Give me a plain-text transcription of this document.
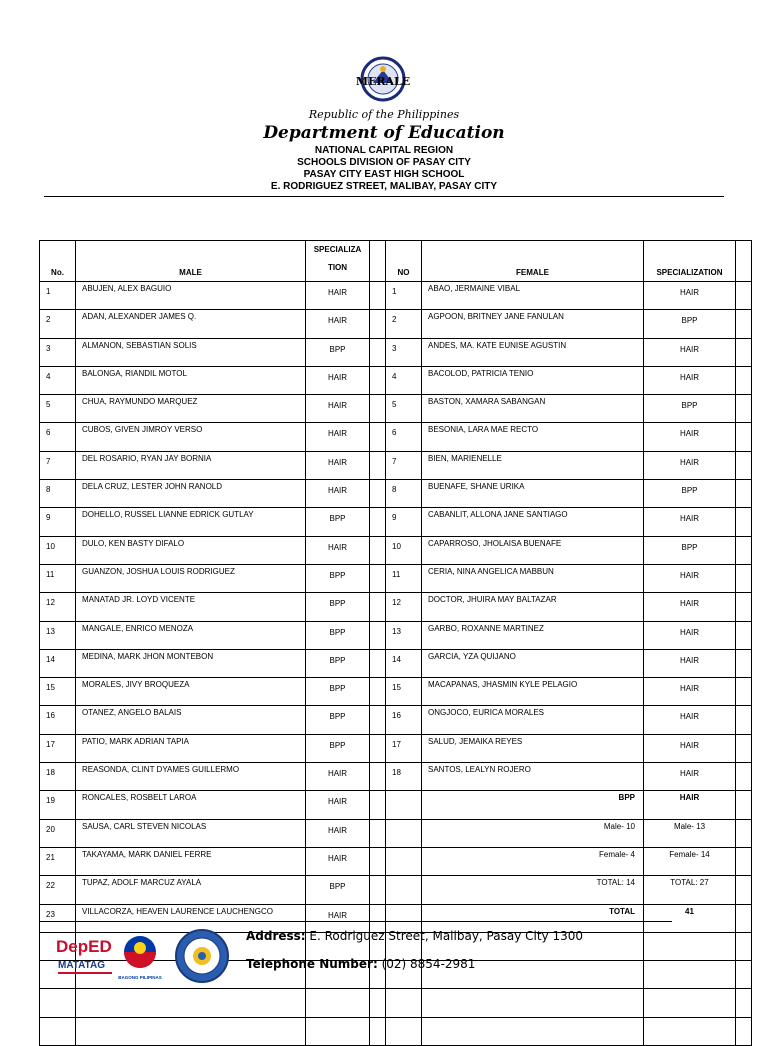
MERALE
Republic of the Philippines
Department of Education
NATIONAL CAPITAL REGION
SCHOOLS DIVISION OF PASAY CITY
PASAY CITY EAST HIGH SCHOOL
E. RODRIGUEZ STREET, MALIBAY, PASAY CITY
No.	MALE	SPECIALIZA TION		NO	FEMALE	SPECIALIZATION	
1	ABUJEN, ALEX BAGUIO	HAIR		1	ABAO, JERMAINE VIBAL	HAIR	
2	ADAN, ALEXANDER JAMES Q.	HAIR		2	AGPOON, BRITNEY JANE FANULAN	BPP	
3	ALMANON, SEBASTIAN SOLIS	BPP		3	ANDES, MA. KATE EUNISE AGUSTIN	HAIR	
4	BALONGA, RIANDIL MOTOL	HAIR		4	BACOLOD, PATRICIA TENIO	HAIR	
5	CHUA, RAYMUNDO MARQUEZ	HAIR		5	BASTON, XAMARA SABANGAN	BPP	
6	CUBOS, GIVEN JIMROY VERSO	HAIR		6	BESONIA, LARA MAE RECTO	HAIR	
7	DEL ROSARIO, RYAN JAY BORNIA	HAIR		7	BIEN, MARIENELLE	HAIR	
8	DELA CRUZ, LESTER JOHN RANOLD	HAIR		8	BUENAFE, SHANE URIKA	BPP	
9	DOHELLO, RUSSEL LIANNE EDRICK GUTLAY	BPP		9	CABANLIT, ALLONA JANE SANTIAGO	HAIR	
10	DULO, KEN BASTY DIFALO	HAIR		10	CAPARROSO, JHOLAISA BUENAFE	BPP	
11	GUANZON, JOSHUA LOUIS RODRIGUEZ	BPP		11	CERIA, NINA ANGELICA MABBUN	HAIR	
12	MANATAD JR. LOYD VICENTE	BPP		12	DOCTOR, JHUIRA MAY BALTAZAR	HAIR	
13	MANGALE, ENRICO MENOZA	BPP		13	GARBO, ROXANNE MARTINEZ	HAIR	
14	MEDINA, MARK JHON MONTEBON	BPP		14	GARCIA, YZA QUIJANO	HAIR	
15	MORALES, JIVY BROQUEZA	BPP		15	MACAPANAS, JHASMIN KYLE PELAGIO	HAIR	
16	OTANEZ, ANGELO BALAIS	BPP		16	ONGJOCO, EURICA MORALES	HAIR	
17	PATIO, MARK ADRIAN TAPIA	BPP		17	SALUD, JEMAIKA REYES	HAIR	
18	REASONDA, CLINT DYAMES GUILLERMO	HAIR		18	SANTOS, LEALYN ROJERO	HAIR	
19	RONCALES, ROSBELT LAROA	HAIR			BPP	HAIR	
20	SAUSA, CARL STEVEN NICOLAS	HAIR			Male- 10	Male- 13	
21	TAKAYAMA, MARK DANIEL FERRE	HAIR			Female- 4	Female- 14	
22	TUPAZ, ADOLF MARCUZ AYALA	BPP			TOTAL: 14	TOTAL: 27	
23	VILLACORZA, HEAVEN LAURENCE LAUCHENGCO	HAIR			TOTAL	41	

DepED
MATATAG
BAGONG PILIPINAS
Address: E. Rodriguez Street, Malibay, Pasay City 1300
Telephone Number: (02) 8854-2981
